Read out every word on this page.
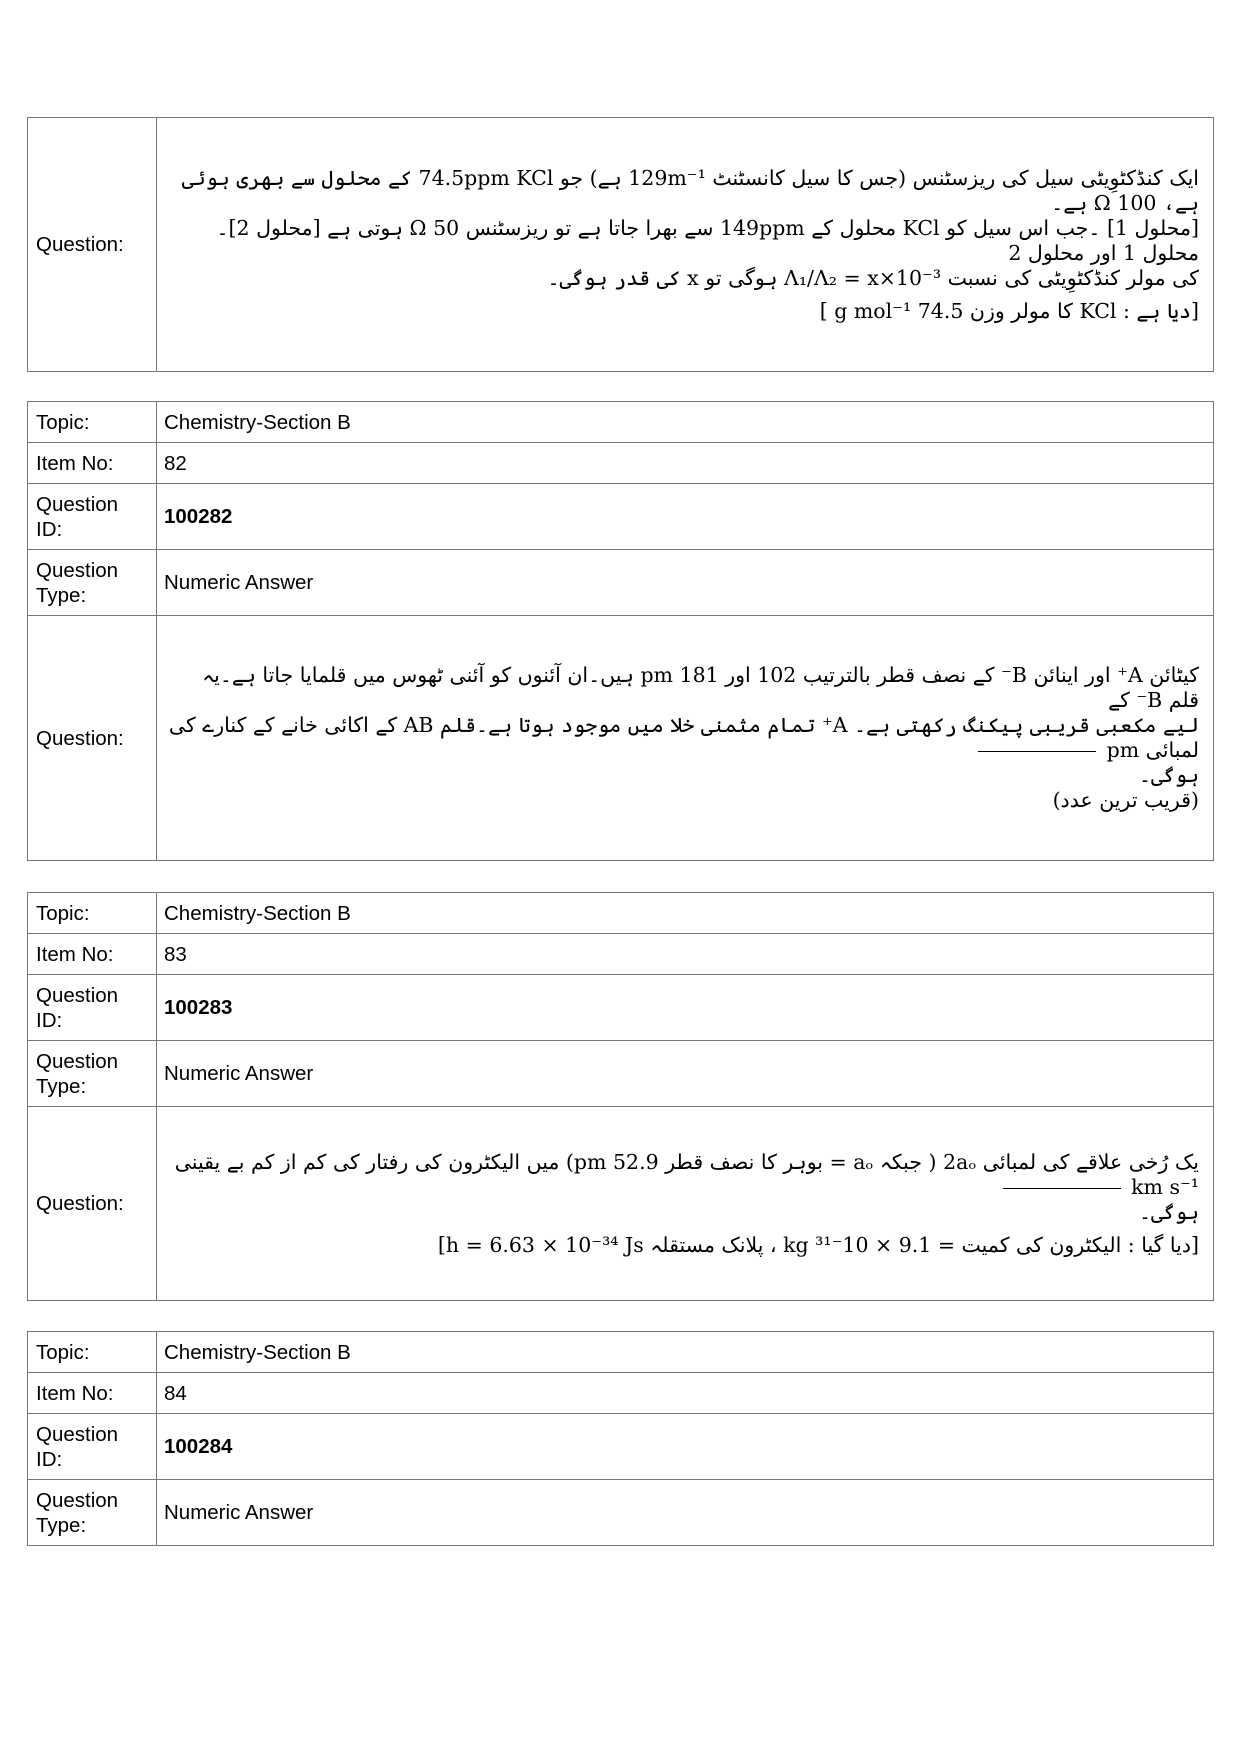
Question:	

ایک کنڈکٹوِیٹی سیل کی ریزسٹنس (جس کا سیل کانسٹنٹ 129m⁻¹ ہے) جو 74.5ppm KCl کے محلول سے بھری ہوئی ہے، 100 Ω ہے۔

[محلول 1] ۔جب اس سیل کو KCl محلول کے 149ppm سے بھرا جاتا ہے تو ریزسٹنس 50 Ω ہوتی ہے [محلول 2]۔ محلول 1 اور محلول 2

کی مولر کنڈکٹوِیٹی کی نسبت Λ₁/Λ₂ = x×10⁻³ ہوگی تو x کی قدر ہوگی۔

[دیا ہے : KCl کا مولر وزن 74.5 g mol⁻¹ ]

Topic:	Chemistry-Section B
Item No:	82
Question ID:	100282
Question Type:	Numeric Answer
Question:	کیٹائن A⁺ اور اینائن B⁻ کے نصف قطر بالترتیب 102 اور 181 pm ہیں۔ان آئنوں کو آئنی ٹھوس میں قلمایا جاتا ہے۔یہ قلم B⁻ کے

لیے مکعبی قریبی پیکنگ رکھتی ہے۔ A⁺ تمام مثمنی خلا میں موجود ہوتا ہے۔قلم AB کے اکائی خانے کے کنارے کی لمبائی pm

ہوگی۔

(قریب ترین عدد)

Topic:	Chemistry-Section B
Item No:	83
Question ID:	100283
Question Type:	Numeric Answer
Question:	یک رُخی علاقے کی لمبائی 2aₒ ( جبکہ aₒ = بوہر کا نصف قطر 52.9 pm) میں الیکٹرون کی رفتار کی کم از کم بے یقینی km s⁻¹

ہوگی۔

[دیا گیا : الیکٹرون کی کمیت = 9.1 × 10⁻³¹ kg ، پلانک مستقلہ h = 6.63 × 10⁻³⁴ Js]

Topic:	Chemistry-Section B
Item No:	84
Question ID:	100284
Question Type:	Numeric Answer
